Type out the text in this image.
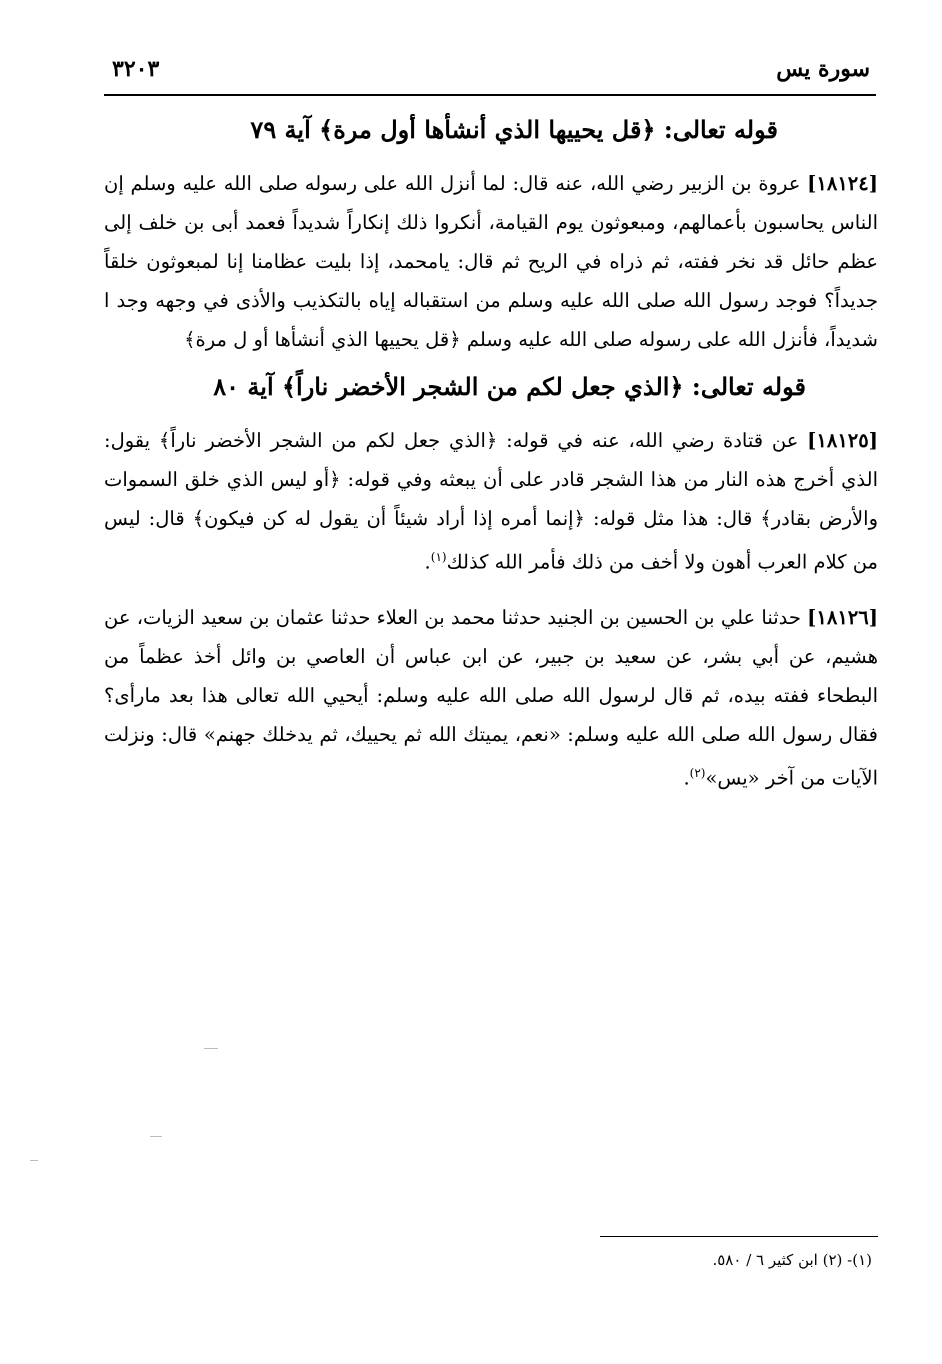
سورة يس
٣٢٠٣
قوله تعالى: ﴿قل يحييها الذي أنشأها أول مرة﴾ آية ٧٩

[١٨١٢٤] عروة بن الزبير رضي الله، عنه قال: لما أنزل الله على رسوله صلى الله عليه وسلم إن الناس يحاسبون بأعمالهم، ومبعوثون يوم القيامة، أنكروا ذلك إنكاراً شديداً فعمد أبى بن خلف إلى عظم حائل قد نخر ففته، ثم ذراه في الريح ثم قال: يامحمد، إذا بليت عظامنا إنا لمبعوثون خلقاً جديداً؟ فوجد رسول الله صلى الله عليه وسلم من استقباله إياه بالتكذيب والأذى في وجهه وجد ا شديداً، فأنزل الله على رسوله صلى الله عليه وسلم ﴿قل يحييها الذي أنشأها أو ل مرة﴾

قوله تعالى: ﴿الذي جعل لكم من الشجر الأخضر ناراً﴾ آية ٨٠

[١٨١٢٥] عن قتادة رضي الله، عنه في قوله: ﴿الذي جعل لكم من الشجر الأخضر ناراً﴾ يقول: الذي أخرج هذه النار من هذا الشجر قادر على أن يبعثه وفي قوله: ﴿أو ليس الذي خلق السموات والأرض بقادر﴾ قال: هذا مثل قوله: ﴿إنما أمره إذا أراد شيئاً أن يقول له كن فيكون﴾ قال: ليس من كلام العرب أهون ولا أخف من ذلك فأمر الله كذلك$^{(١)}$.

[١٨١٢٦] حدثنا علي بن الحسين بن الجنيد حدثنا محمد بن العلاء حدثنا عثمان بن سعيد الزيات، عن هشيم، عن أبي بشر، عن سعيد بن جبير، عن ابن عباس أن العاصي بن وائل أخذ عظماً من البطحاء ففته بيده، ثم قال لرسول الله صلى الله عليه وسلم: أيحيي الله تعالى هذا بعد مارأى؟ فقال رسول الله صلى الله عليه وسلم: «نعم، يميتك الله ثم يحييك، ثم يدخلك جهنم» قال: ونزلت الآيات من آخر «يس»$^{(٢)}$.

(١)- (٢) ابن كثير ٦ / ٥٨٠.
